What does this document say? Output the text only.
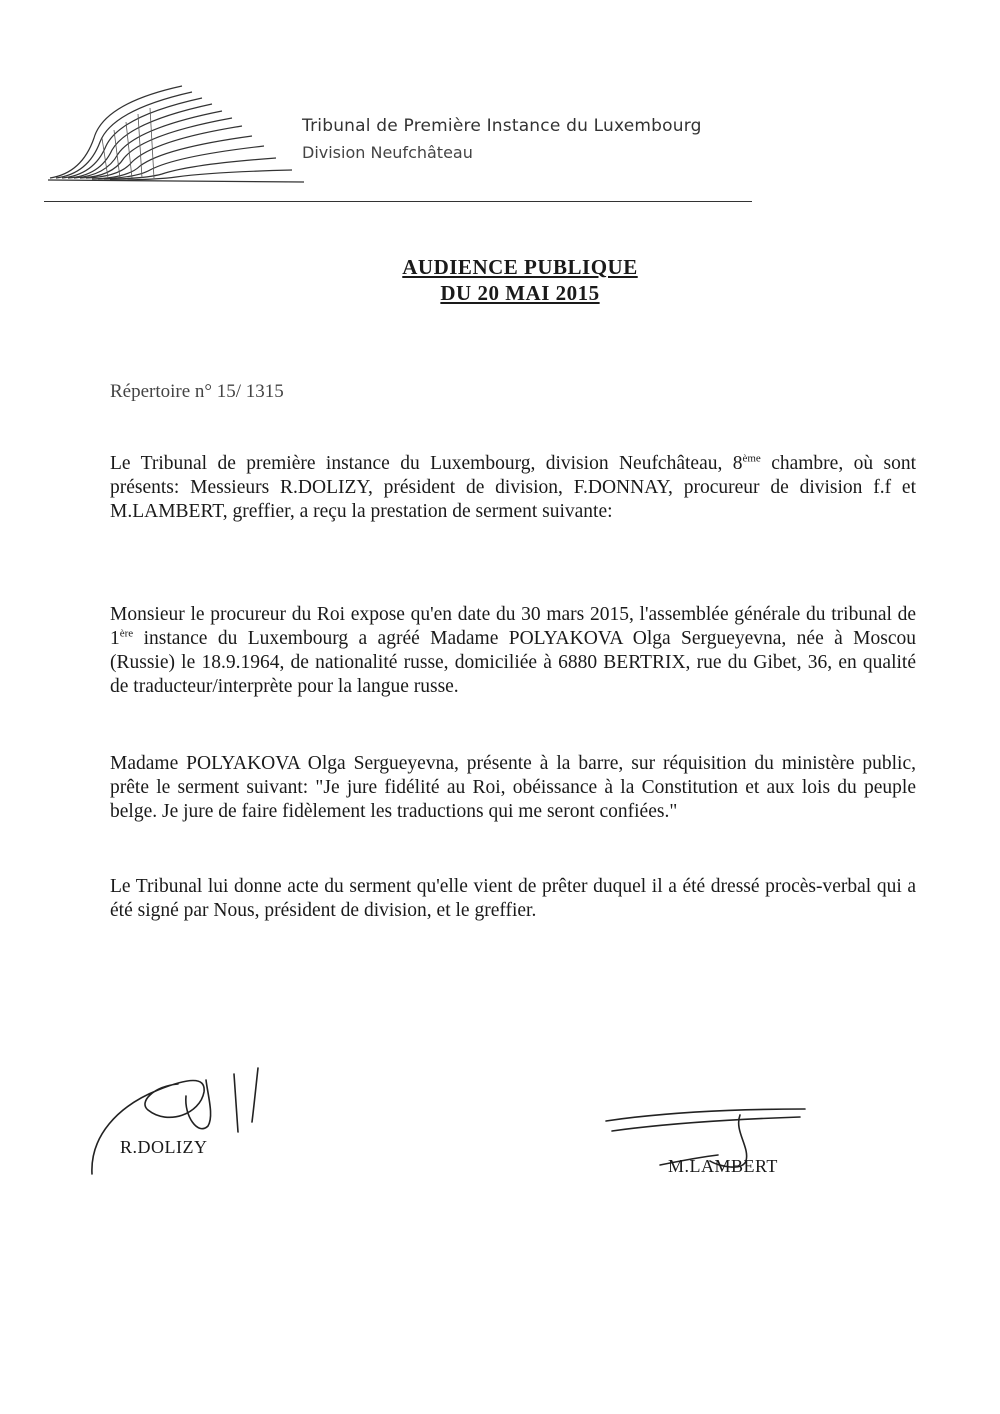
Tribunal de Première Instance du Luxembourg
Division Neufchâteau
AUDIENCE PUBLIQUE
DU 20 MAI 2015
Répertoire n° 15/ 1315

Le Tribunal de première instance du Luxembourg, division Neufchâteau, 8ème chambre, où sont présents: Messieurs R.DOLIZY, président de division, F.DONNAY, procureur de division f.f et M.LAMBERT, greffier, a reçu la prestation de serment suivante:

Monsieur le procureur du Roi expose qu'en date du 30 mars 2015, l'assemblée générale du tribunal de 1ère instance du Luxembourg a agréé Madame POLYAKOVA Olga Sergueyevna, née à Moscou (Russie) le 18.9.1964, de nationalité russe, domiciliée à 6880 BERTRIX, rue du Gibet, 36, en qualité de traducteur/interprète pour la langue russe.

Madame POLYAKOVA Olga Sergueyevna, présente à la barre, sur réquisition du ministère public, prête le serment suivant: "Je jure fidélité au Roi, obéissance à la Constitution et aux lois du peuple belge. Je jure de faire fidèlement les traductions qui me seront confiées."

Le Tribunal lui donne acte du serment qu'elle vient de prêter duquel il a été dressé procès-verbal qui a été signé par Nous, président de division, et le greffier.

R.DOLIZY
M.LAMBERT
